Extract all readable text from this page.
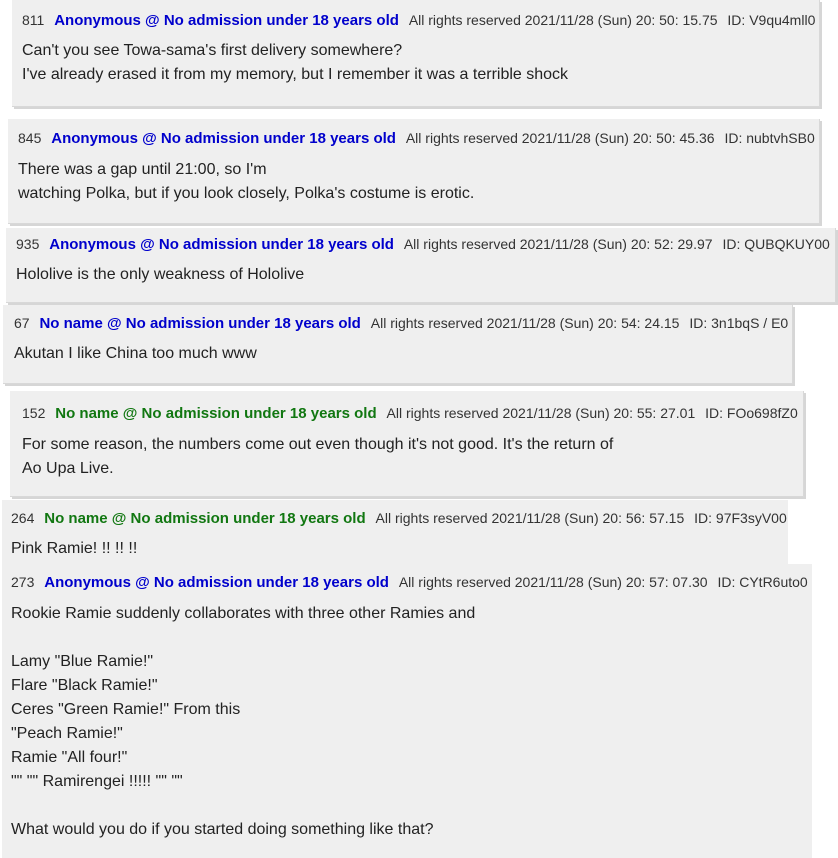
811 Anonymous @ No admission under 18 years old All rights reserved 2021/11/28 (Sun) 20: 50: 15.75 ID: V9qu4mll0
Can't you see Towa-sama's first delivery somewhere?
I've already erased it from my memory, but I remember it was a terrible shock
845 Anonymous @ No admission under 18 years old All rights reserved 2021/11/28 (Sun) 20: 50: 45.36 ID: nubtvhSB0
There was a gap until 21:00, so I'm
watching Polka, but if you look closely, Polka's costume is erotic.
935 Anonymous @ No admission under 18 years old All rights reserved 2021/11/28 (Sun) 20: 52: 29.97 ID: QUBQKUY00
Hololive is the only weakness of Hololive
67 No name @ No admission under 18 years old All rights reserved 2021/11/28 (Sun) 20: 54: 24.15 ID: 3n1bqS / E0
Akutan I like China too much www
152 No name @ No admission under 18 years old All rights reserved 2021/11/28 (Sun) 20: 55: 27.01 ID: FOo698fZ0
For some reason, the numbers come out even though it's not good. It's the return of
Ao Upa Live.
264 No name @ No admission under 18 years old All rights reserved 2021/11/28 (Sun) 20: 56: 57.15 ID: 97F3syV00
Pink Ramie! !! !! !!
273 Anonymous @ No admission under 18 years old All rights reserved 2021/11/28 (Sun) 20: 57: 07.30 ID: CYtR6uto0
Rookie Ramie suddenly collaborates with three other Ramies and
Lamy "Blue Ramie!"
Flare "Black Ramie!"
Ceres "Green Ramie!" From this
"Peach Ramie!"
Ramie "All four!"
"" "" Ramirengei !!!!! "" ""
What would you do if you started doing something like that?
